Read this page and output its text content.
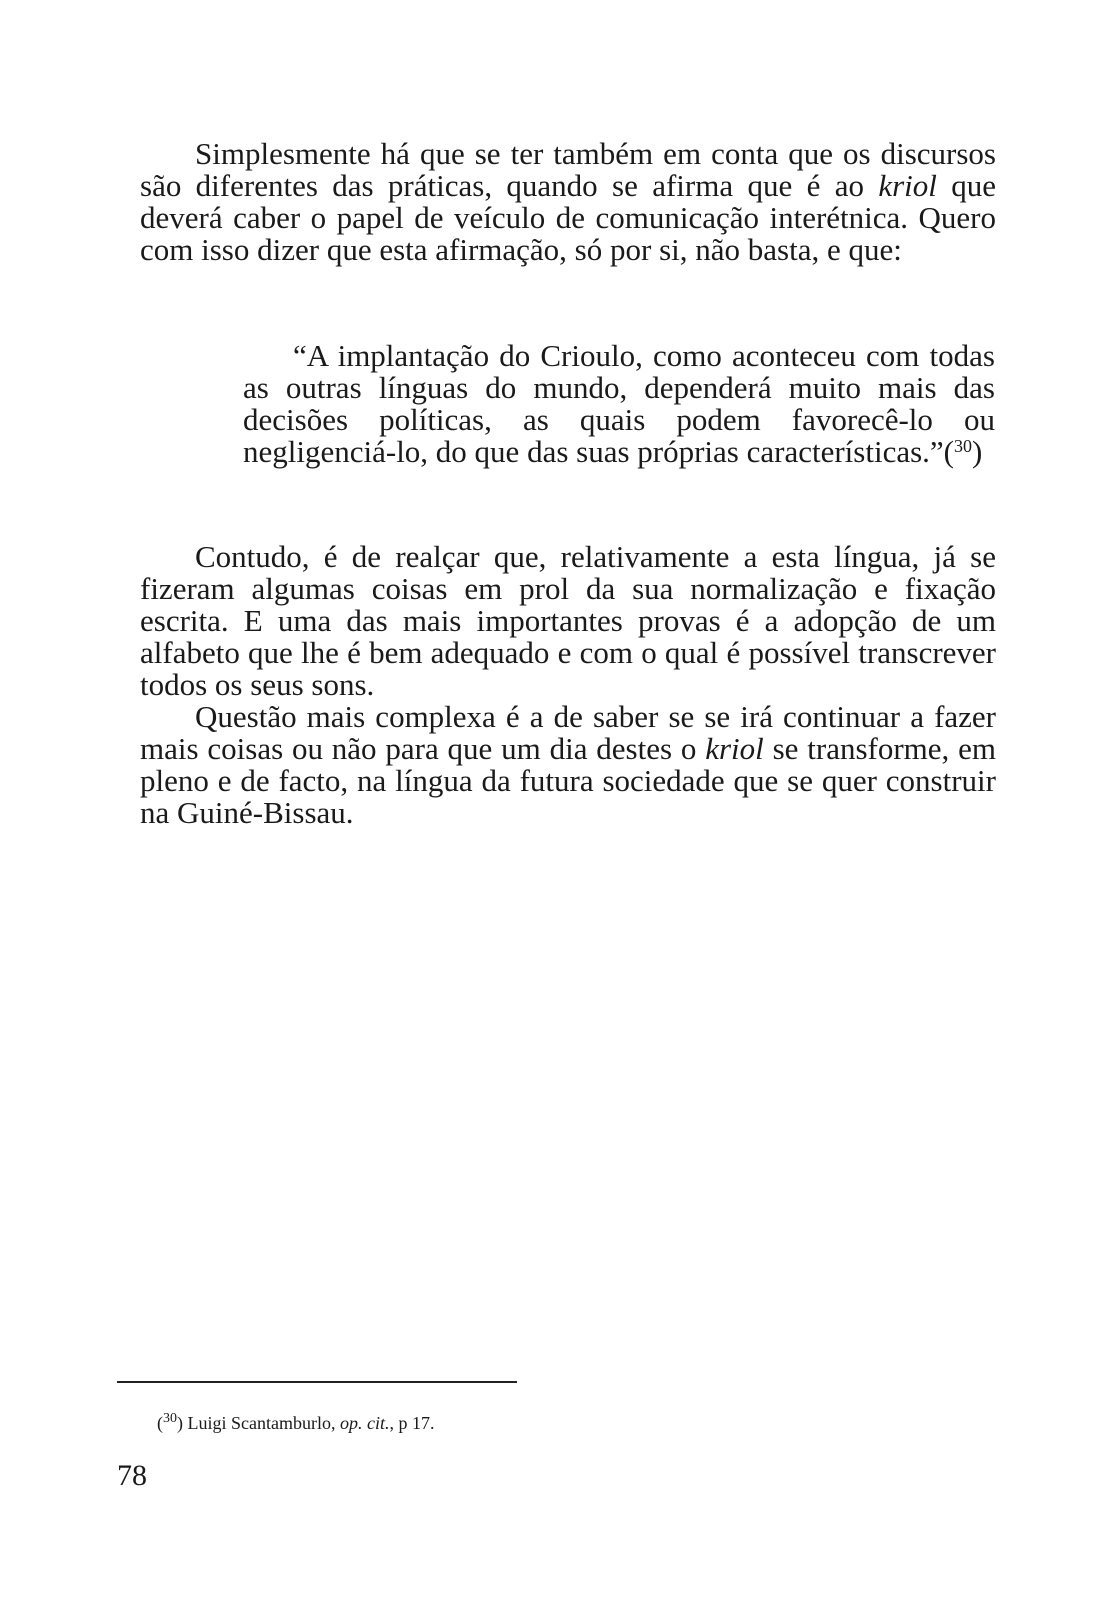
Simplesmente há que se ter também em conta que os discursos são diferentes das práticas, quando se afirma que é ao kriol que deverá caber o papel de veículo de comunicação interétnica. Quero com isso dizer que esta afirmação, só por si, não basta, e que:

“A implantação do Crioulo, como aconteceu com todas as outras línguas do mundo, dependerá muito mais das decisões políticas, as quais podem favorecê-lo ou negligenciá-lo, do que das suas próprias características.”($^{30}$)

Contudo, é de realçar que, relativamente a esta língua, já se fizeram algumas coisas em prol da sua normalização e fixação escrita. E uma das mais importantes provas é a adopção de um alfabeto que lhe é bem adequado e com o qual é possível transcrever todos os seus sons.

Questão mais complexa é a de saber se se irá continuar a fazer mais coisas ou não para que um dia destes o kriol se transforme, em pleno e de facto, na língua da futura sociedade que se quer construir na Guiné-Bissau.

($^{30}$) Luigi Scantamburlo, op. cit., p 17.
78
